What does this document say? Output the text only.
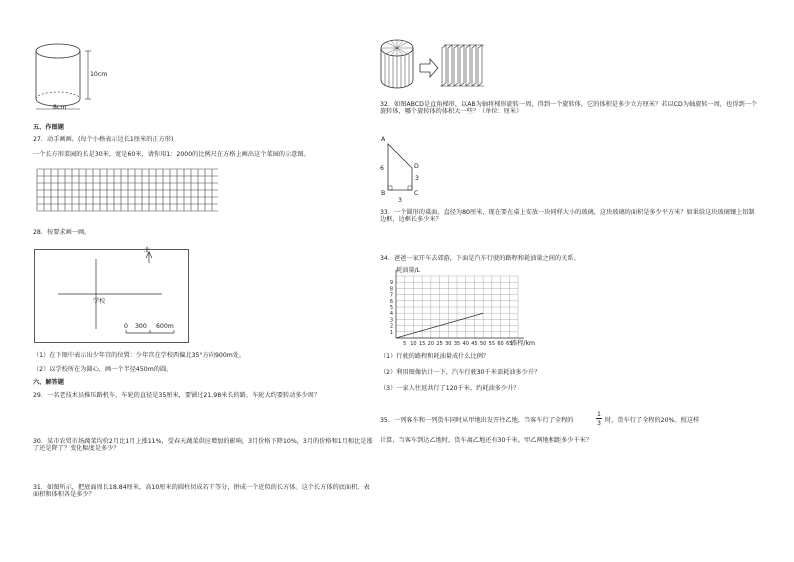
10cm
8cm
五、作图题
27．动手画画。(每个小格表示边长1厘米的正方形)
一个长方形菜园的长是30米，宽是60米，请你用1：2000的比例尺在方格上画出这个菜园的示意图。
28．按要求画一画。
北
学校
0 300 600m
（1）在下图中表示出少年宫的位置：少年宫在学校西偏北35°方向900m处。
（2）以学校所在为圆心，画一个半径450m的圆。
六、解答题
29．一名老技术员推压路机车，车轮的直径是35厘米，要铺过21.98米长的路，车轮大约要转动多少周？
30．某市农贸市场蔬菜均价2月比1月上涨11%，受春天蔬菜供应增加的影响，3月价格下降10%，3月的价格和1月相比是涨了还是降了？变化幅度是多少？
31．如图所示，把底面周长18.84厘米，高10厘米的圆柱切成若干等分，拼成一个近似的长方体。这个长方体的底面积、表面积和体积各是多少？
32．如图ABCD是直角梯形，以AB为轴将梯形旋转一周，得到一个旋转体，它的体积是多少立方厘米？若以CD为轴旋转一周，也得到一个旋转体，哪个旋转体的体积大一些？（单位：厘米）
A
6
B
D
3
C
3
33．一个圆形的桌面，直径为80厘米，现在要在桌上安放一块同样大小的玻璃，这块玻璃的面积是多少平方米？如果给这块玻璃镶上铝制边框，边框长多少米？
34．爸爸一家开车去郊游，下面是汽车行驶的路程和耗油量之间的关系。
5 10 15 20 25 30 35 40 45 50 55 60 65
1
2
3
4
5
6
7
8
9
耗油量/L
路程/km
（1）行驶的路程和耗油量成什么比例？
（2）利用图像估计一下，汽车行驶30千米需耗油多少升？
（3）一家人往返共行了120千米，约耗油多少升？
35．一列客车和一列货车同时从甲地出发开往乙地，当客车行了全程的
1
3 时，货车行了全程的20%。照这样
计算，当客车到达乙地时，货车离乙地还有30千米。甲乙两地相距多少千米？
